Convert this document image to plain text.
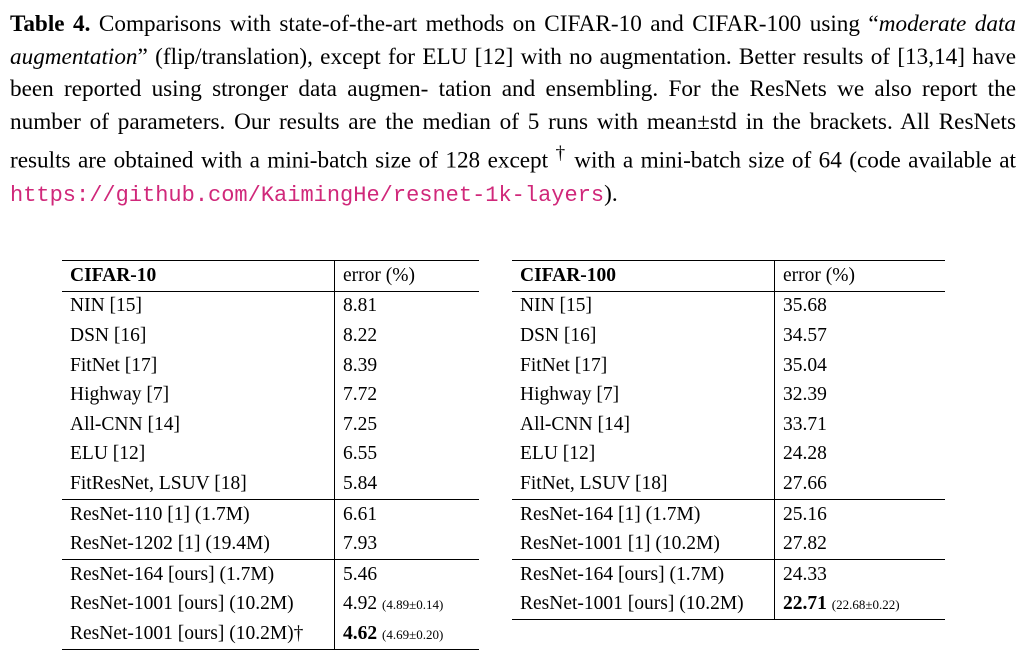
Table 4. Comparisons with state-of-the-art methods on CIFAR-10 and CIFAR-100 using “moderate data augmentation” (flip/translation), except for ELU [12] with no augmentation. Better results of [13,14] have been reported using stronger data augmen- tation and ensembling. For the ResNets we also report the number of parameters. Our results are the median of 5 runs with mean±std in the brackets. All ResNets results are obtained with a mini-batch size of 128 except † with a mini-batch size of 64 (code available at https://github.com/KaimingHe/resnet-1k-layers).
CIFAR-10	error (%)
NIN [15]	8.81
DSN [16]	8.22
FitNet [17]	8.39
Highway [7]	7.72
All-CNN [14]	7.25
ELU [12]	6.55
FitResNet, LSUV [18]	5.84
ResNet-110 [1] (1.7M)	6.61
ResNet-1202 [1] (19.4M)	7.93
ResNet-164 [ours] (1.7M)	5.46
ResNet-1001 [ours] (10.2M)	4.92 (4.89±0.14)
ResNet-1001 [ours] (10.2M)†	4.62 (4.69±0.20)
CIFAR-100	error (%)
NIN [15]	35.68
DSN [16]	34.57
FitNet [17]	35.04
Highway [7]	32.39
All-CNN [14]	33.71
ELU [12]	24.28
FitNet, LSUV [18]	27.66
ResNet-164 [1] (1.7M)	25.16
ResNet-1001 [1] (10.2M)	27.82
ResNet-164 [ours] (1.7M)	24.33
ResNet-1001 [ours] (10.2M)	22.71 (22.68±0.22)
